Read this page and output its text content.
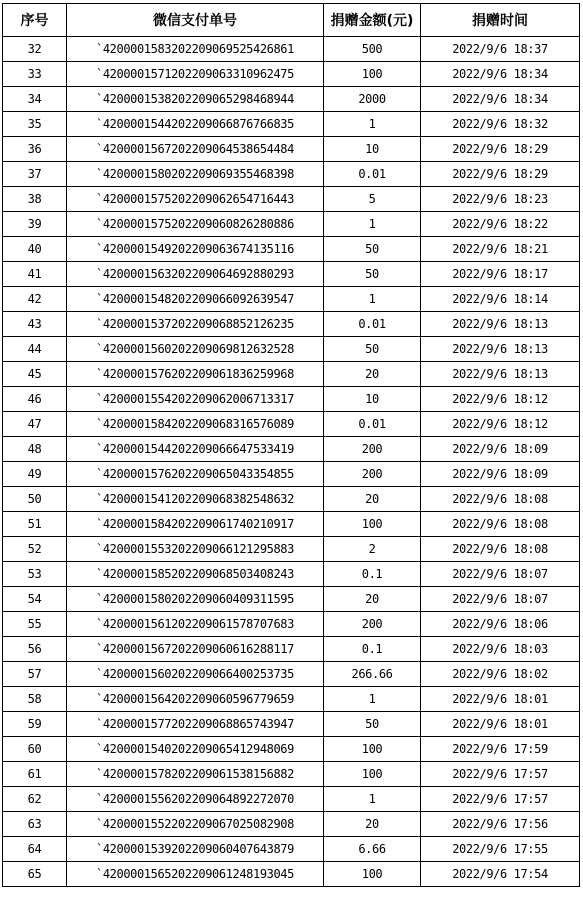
序号	微信支付单号	捐赠金额(元)	捐赠时间
32	`4200001583202209069525426861	500	2022/9/6 18:37
33	`4200001571202209063310962475	100	2022/9/6 18:34
34	`4200001538202209065298468944	2000	2022/9/6 18:34
35	`4200001544202209066876766835	1	2022/9/6 18:32
36	`4200001567202209064538654484	10	2022/9/6 18:29
37	`4200001580202209069355468398	0.01	2022/9/6 18:29
38	`4200001575202209062654716443	5	2022/9/6 18:23
39	`4200001575202209060826280886	1	2022/9/6 18:22
40	`4200001549202209063674135116	50	2022/9/6 18:21
41	`4200001563202209064692880293	50	2022/9/6 18:17
42	`4200001548202209066092639547	1	2022/9/6 18:14
43	`4200001537202209068852126235	0.01	2022/9/6 18:13
44	`4200001560202209069812632528	50	2022/9/6 18:13
45	`4200001576202209061836259968	20	2022/9/6 18:13
46	`4200001554202209062006713317	10	2022/9/6 18:12
47	`4200001584202209068316576089	0.01	2022/9/6 18:12
48	`4200001544202209066647533419	200	2022/9/6 18:09
49	`4200001576202209065043354855	200	2022/9/6 18:09
50	`4200001541202209068382548632	20	2022/9/6 18:08
51	`4200001584202209061740210917	100	2022/9/6 18:08
52	`4200001553202209066121295883	2	2022/9/6 18:08
53	`4200001585202209068503408243	0.1	2022/9/6 18:07
54	`4200001580202209060409311595	20	2022/9/6 18:07
55	`4200001561202209061578707683	200	2022/9/6 18:06
56	`4200001567202209060616288117	0.1	2022/9/6 18:03
57	`4200001560202209066400253735	266.66	2022/9/6 18:02
58	`4200001564202209060596779659	1	2022/9/6 18:01
59	`4200001577202209068865743947	50	2022/9/6 18:01
60	`4200001540202209065412948069	100	2022/9/6 17:59
61	`4200001578202209061538156882	100	2022/9/6 17:57
62	`4200001556202209064892272070	1	2022/9/6 17:57
63	`4200001552202209067025082908	20	2022/9/6 17:56
64	`4200001539202209060407643879	6.66	2022/9/6 17:55
65	`4200001565202209061248193045	100	2022/9/6 17:54
